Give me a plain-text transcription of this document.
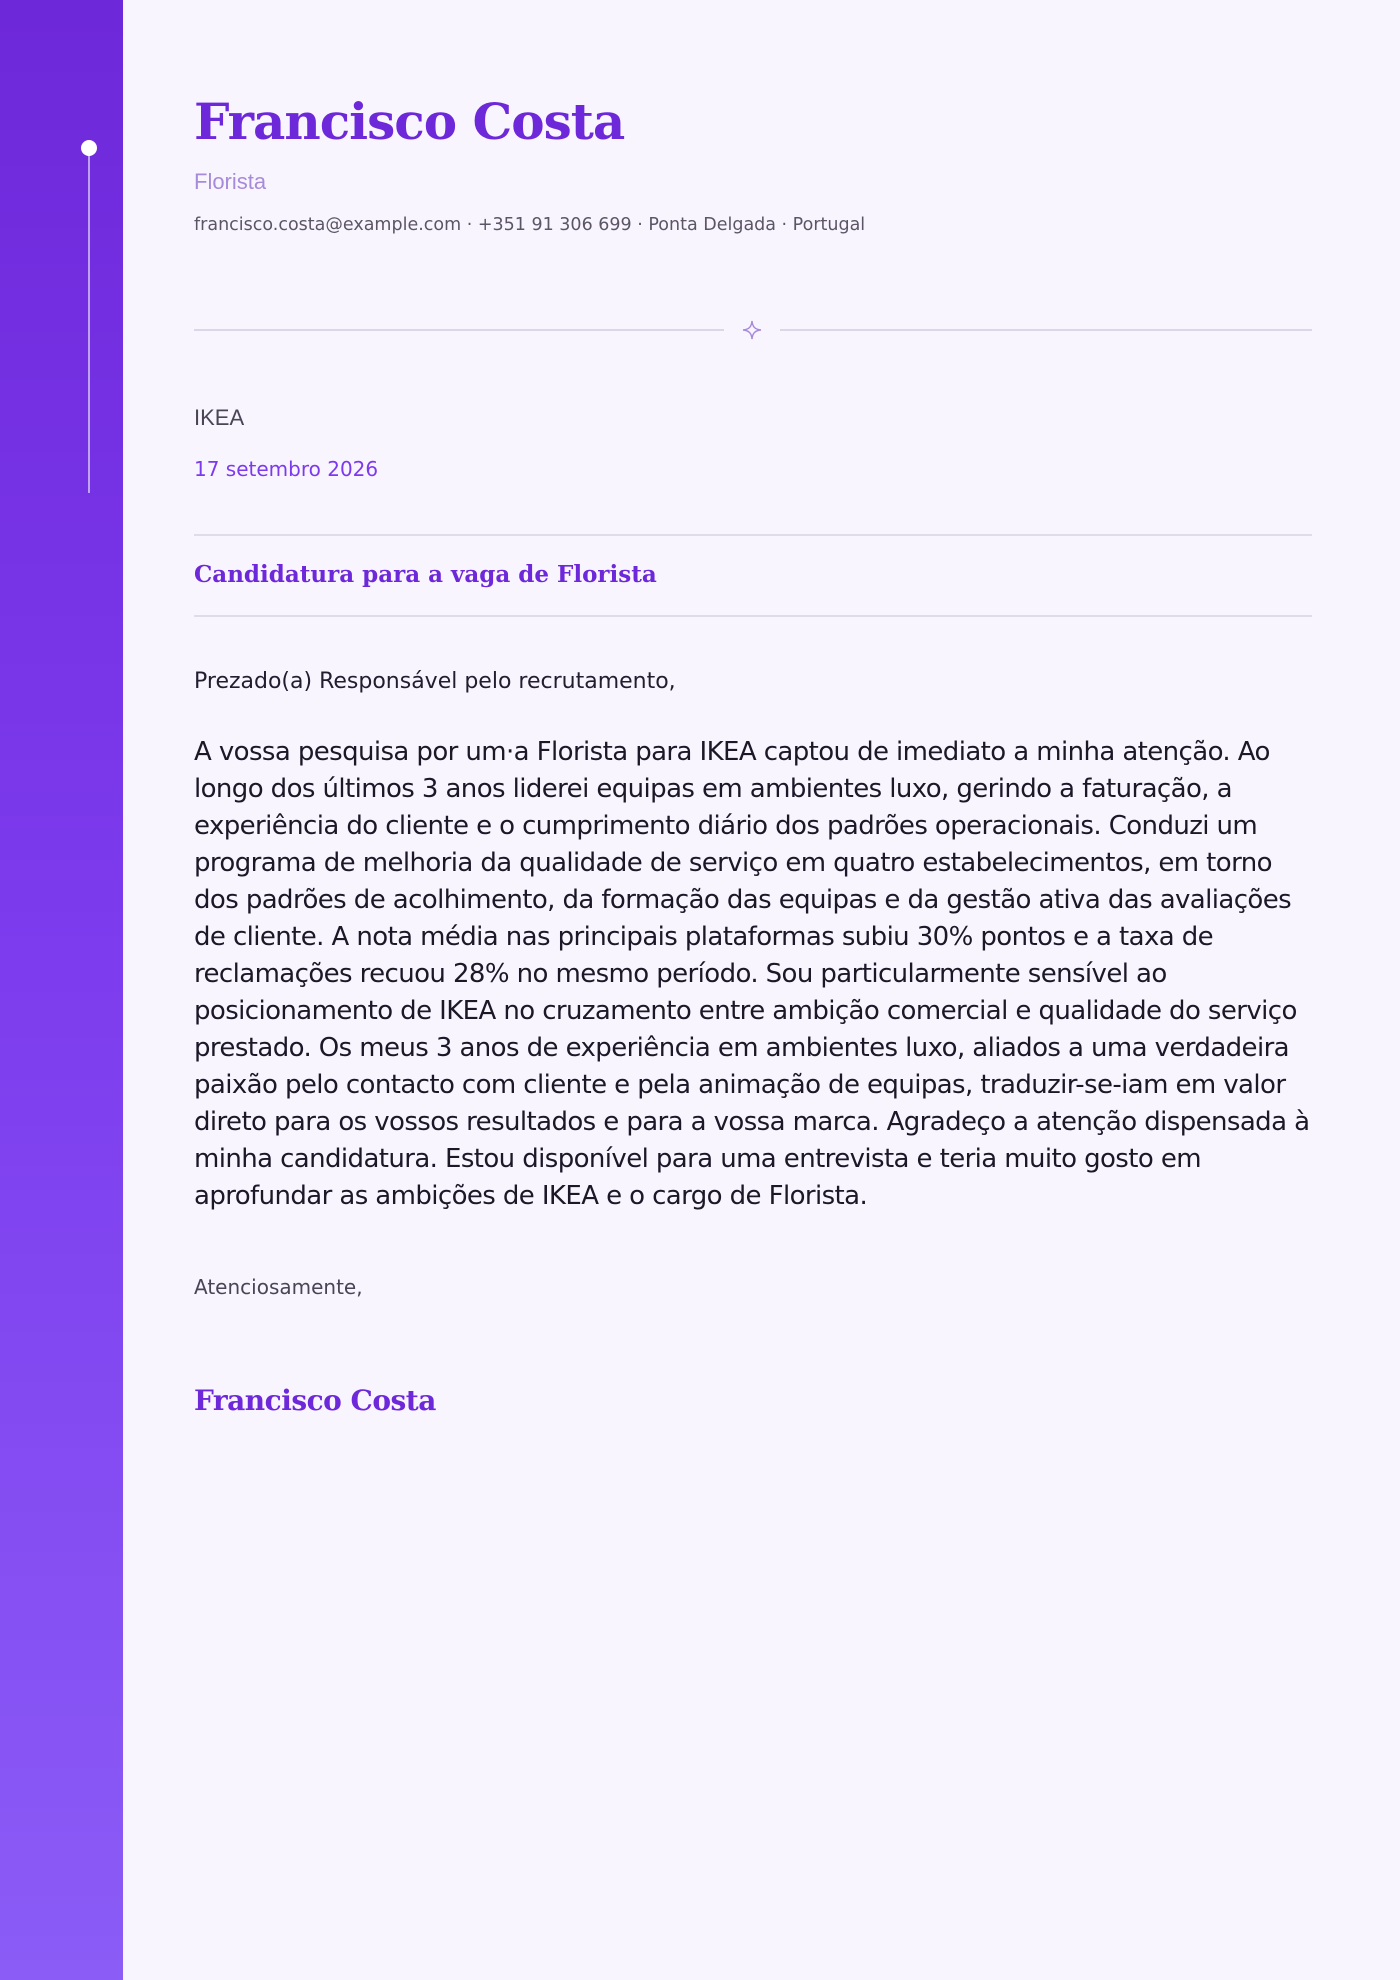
Francisco Costa
Florista
francisco.costa@example.com · +351 91 306 699 · Ponta Delgada · Portugal
IKEA
17 setembro 2026
Candidatura para a vaga de Florista
Prezado(a) Responsável pelo recrutamento,
A vossa pesquisa por um·a Florista para IKEA captou de imediato a minha atenção. Ao longo dos últimos 3 anos liderei equipas em ambientes luxo, gerindo a faturação, a experiência do cliente e o cumprimento diário dos padrões operacionais. Conduzi um programa de melhoria da qualidade de serviço em quatro estabelecimentos, em torno dos padrões de acolhimento, da formação das equipas e da gestão ativa das avaliações de cliente. A nota média nas principais plataformas subiu 30% pontos e a taxa de reclamações recuou 28% no mesmo período. Sou particularmente sensível ao posicionamento de IKEA no cruzamento entre ambição comercial e qualidade do serviço prestado. Os meus 3 anos de experiência em ambientes luxo, aliados a uma verdadeira paixão pelo contacto com cliente e pela animação de equipas, traduzir-se-iam em valor direto para os vossos resultados e para a vossa marca. Agradeço a atenção dispensada à minha candidatura. Estou disponível para uma entrevista e teria muito gosto em aprofundar as ambições de IKEA e o cargo de Florista.
Atenciosamente,
Francisco Costa
